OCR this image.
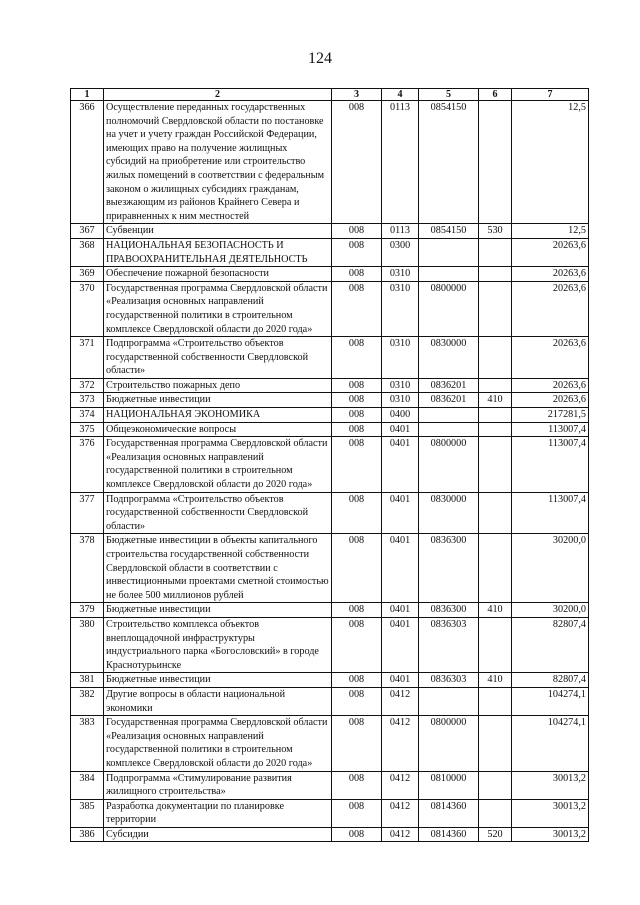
124
1	2	3	4	5	6	7
366	Осуществление переданных государственных полномочий Свердловской области по постановке на учет и учету граждан Российской Федерации, имеющих право на получение жилищных субсидий на приобретение или строительство жилых помещений в соответствии с федеральным законом о жилищных субсидиях гражданам, выезжающим из районов Крайнего Севера и приравненных к ним местностей	008	0113	0854150		12,5
367	Субвенции	008	0113	0854150	530	12,5
368	НАЦИОНАЛЬНАЯ БЕЗОПАСНОСТЬ И ПРАВООХРАНИТЕЛЬНАЯ ДЕЯТЕЛЬНОСТЬ	008	0300			20263,6
369	Обеспечение пожарной безопасности	008	0310			20263,6
370	Государственная программа Свердловской области «Реализация основных направлений государственной политики в строительном комплексе Свердловской области до 2020 года»	008	0310	0800000		20263,6
371	Подпрограмма «Строительство объектов государственной собственности Свердловской области»	008	0310	0830000		20263,6
372	Строительство пожарных депо	008	0310	0836201		20263,6
373	Бюджетные инвестиции	008	0310	0836201	410	20263,6
374	НАЦИОНАЛЬНАЯ ЭКОНОМИКА	008	0400			217281,5
375	Общеэкономические вопросы	008	0401			113007,4
376	Государственная программа Свердловской области «Реализация основных направлений государственной политики в строительном комплексе Свердловской области до 2020 года»	008	0401	0800000		113007,4
377	Подпрограмма «Строительство объектов государственной собственности Свердловской области»	008	0401	0830000		113007,4
378	Бюджетные инвестиции в объекты капитального строительства государственной собственности Свердловской области в соответствии с инвестиционными проектами сметной стоимостью не более 500 миллионов рублей	008	0401	0836300		30200,0
379	Бюджетные инвестиции	008	0401	0836300	410	30200,0
380	Строительство комплекса объектов внеплощадочной инфраструктуры индустриального парка «Богословский» в городе Краснотурьинске	008	0401	0836303		82807,4
381	Бюджетные инвестиции	008	0401	0836303	410	82807,4
382	Другие вопросы в области национальной экономики	008	0412			104274,1
383	Государственная программа Свердловской области «Реализация основных направлений государственной политики в строительном комплексе Свердловской области до 2020 года»	008	0412	0800000		104274,1
384	Подпрограмма «Стимулирование развития жилищного строительства»	008	0412	0810000		30013,2
385	Разработка документации по планировке территории	008	0412	0814360		30013,2
386	Субсидии	008	0412	0814360	520	30013,2
